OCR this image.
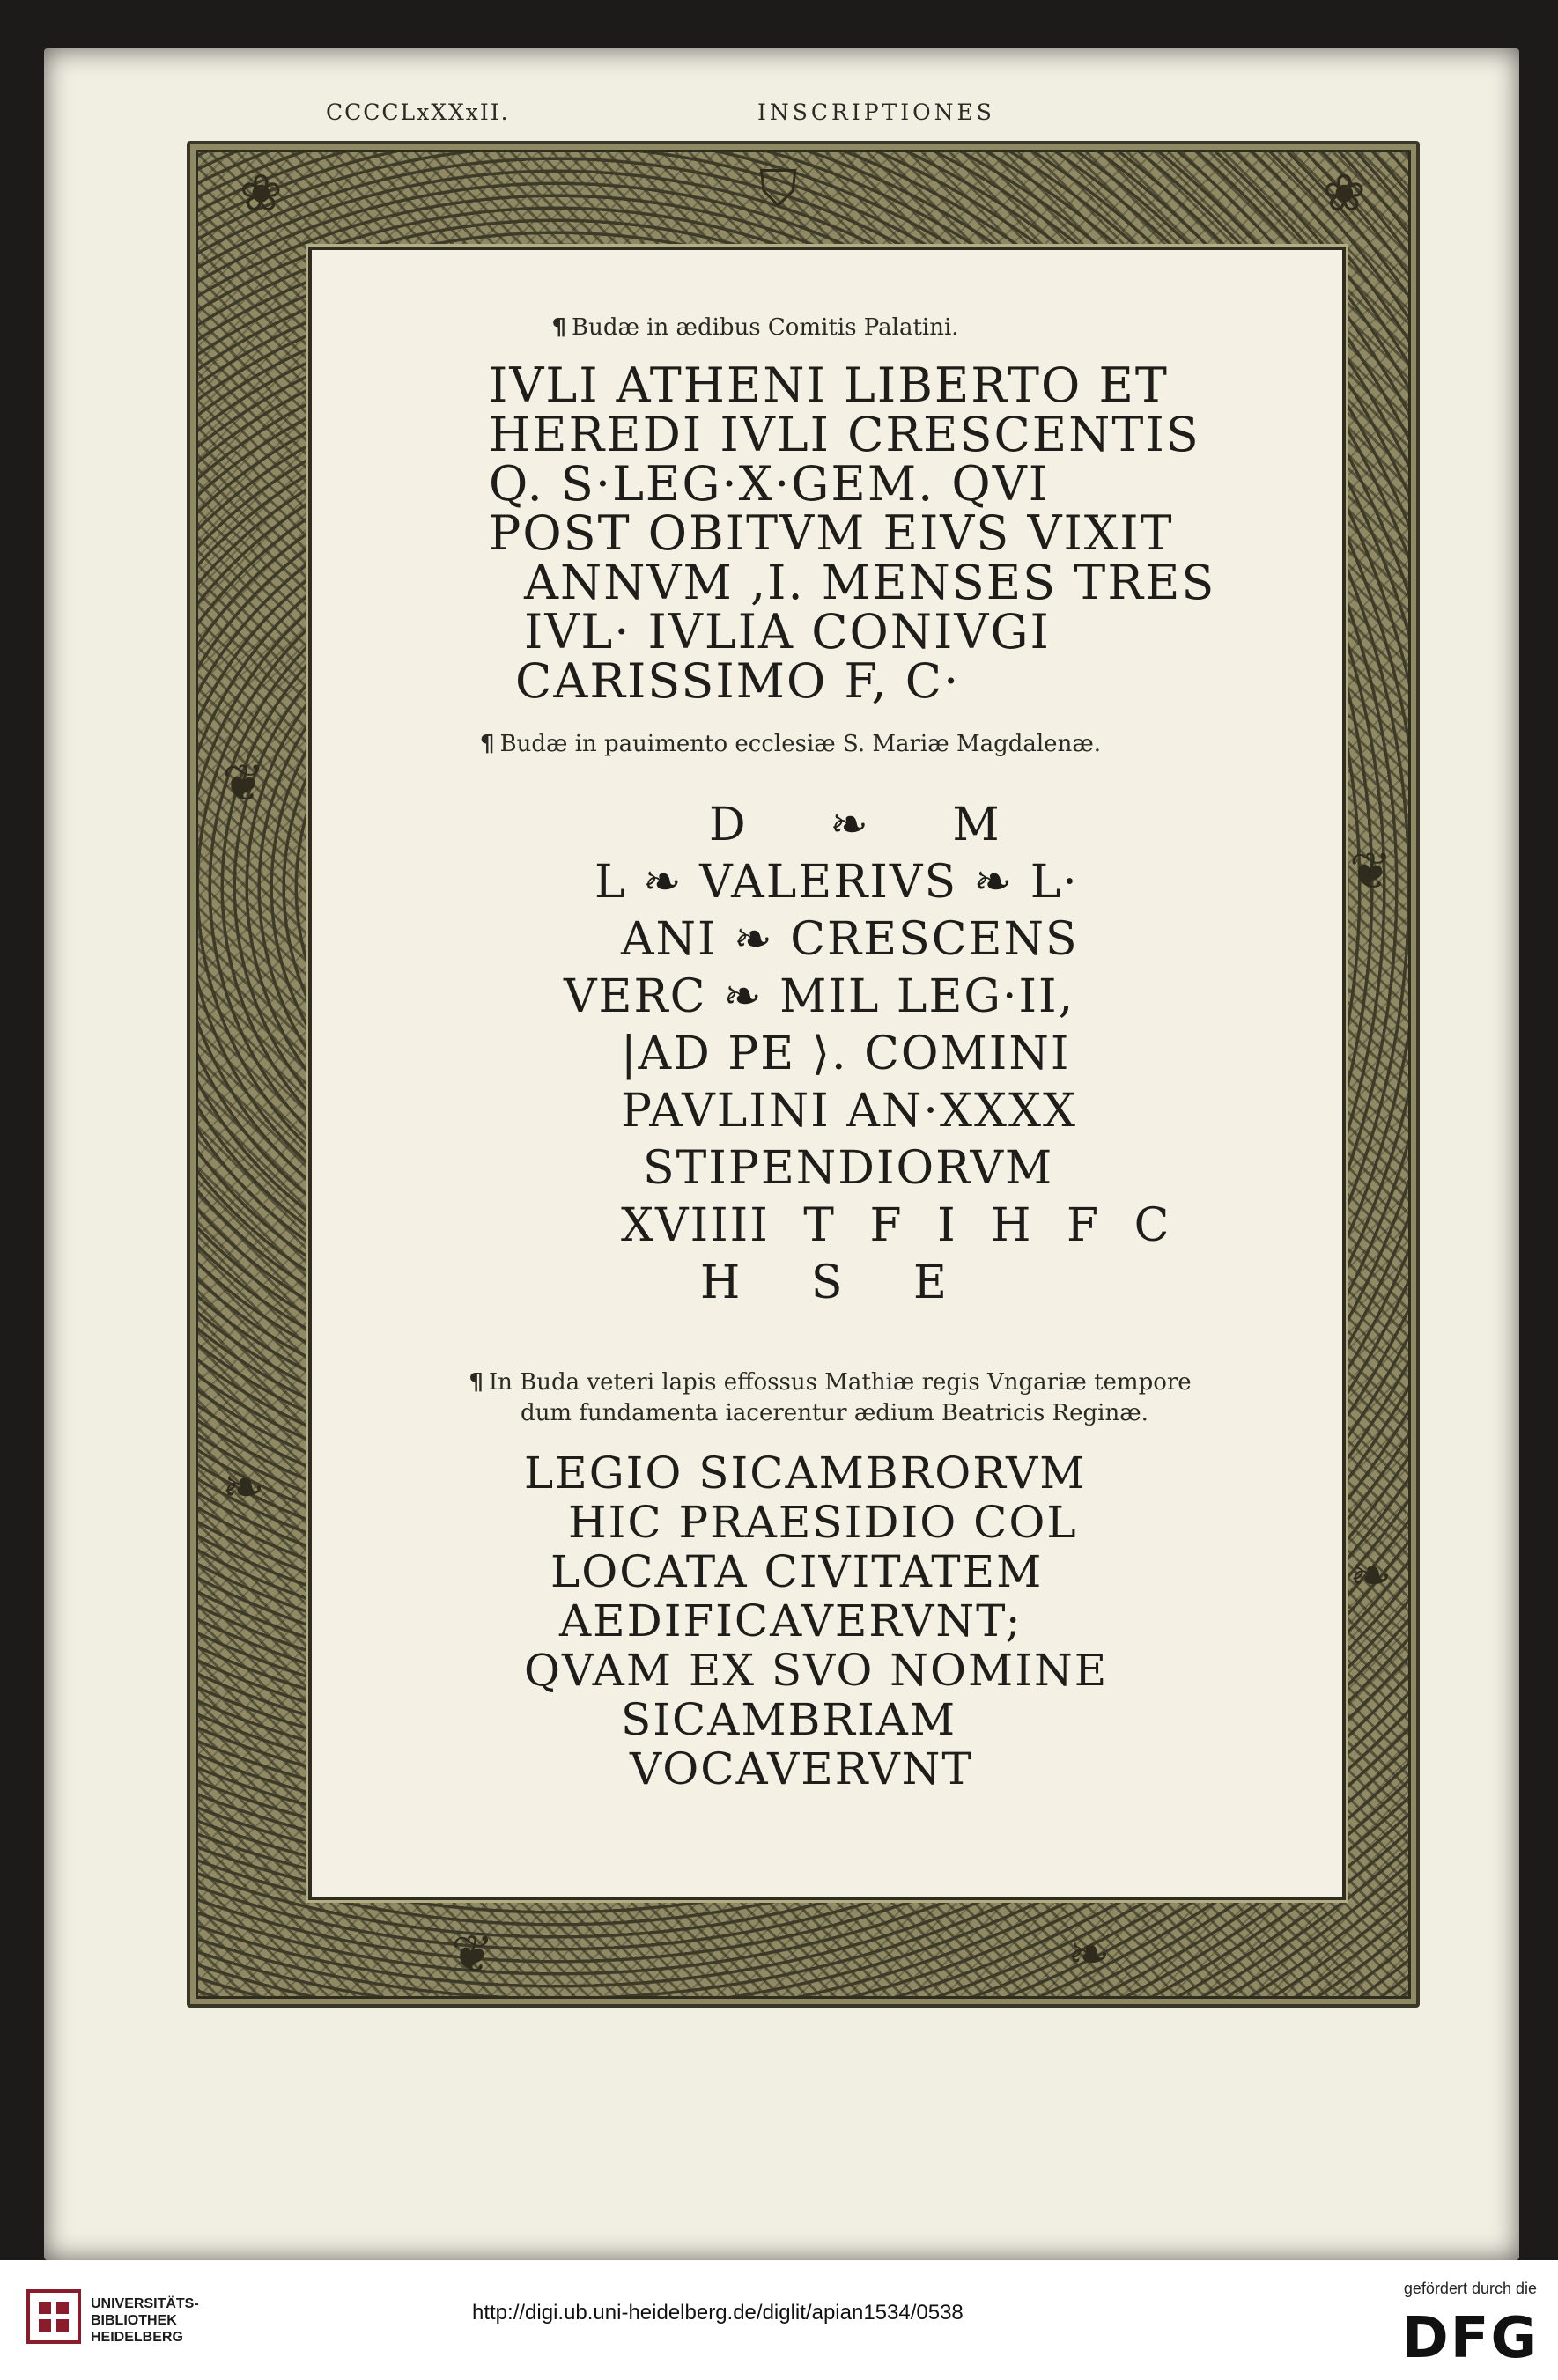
CCCCLxXXxII.	INSCRIPTIONES
❀	❀
⛉
❦
❦
❧
❧
❦	❧
¶ Budæ in ædibus Comitis Palatini.
IVLI ATHENI LIBERTO ET
HEREDI IVLI CRESCENTIS
Q. S·LEG·X·GEM. QVI
POST OBITVM EIVS VIXIT
ANNVM ,I. MENSES TRES
IVL· IVLIA CONIVGI
CARISSIMO F, C·
¶ Budæ in pauimento ecclesiæ S. Mariæ Magdalenæ.
D ❧ M
L ❧ VALERIVS ❧ L·
ANI ❧ CRESCENS
VERC ❧ MIL LEG·II,
|AD PE ⟩. COMINI
PAVLINI AN·XXXX
STIPENDIORVM
XVIIII T F I H F C
H S E
¶ In Buda veteri lapis effossus Mathiæ regis Vngariæ tempore
dum fundamenta iacerentur ædium Beatricis Reginæ.
LEGIO SICAMBRORVM
HIC PRAESIDIO COL
LOCATA CIVITATEM
AEDIFICAVERVNT;
QVAM EX SVO NOMINE
SICAMBRIAM
VOCAVERVNT
UNIVERSITÄTS-
BIBLIOTHEK
HEIDELBERG
http://digi.ub.uni-heidelberg.de/diglit/apian1534/0538
gefördert durch die
DFG
